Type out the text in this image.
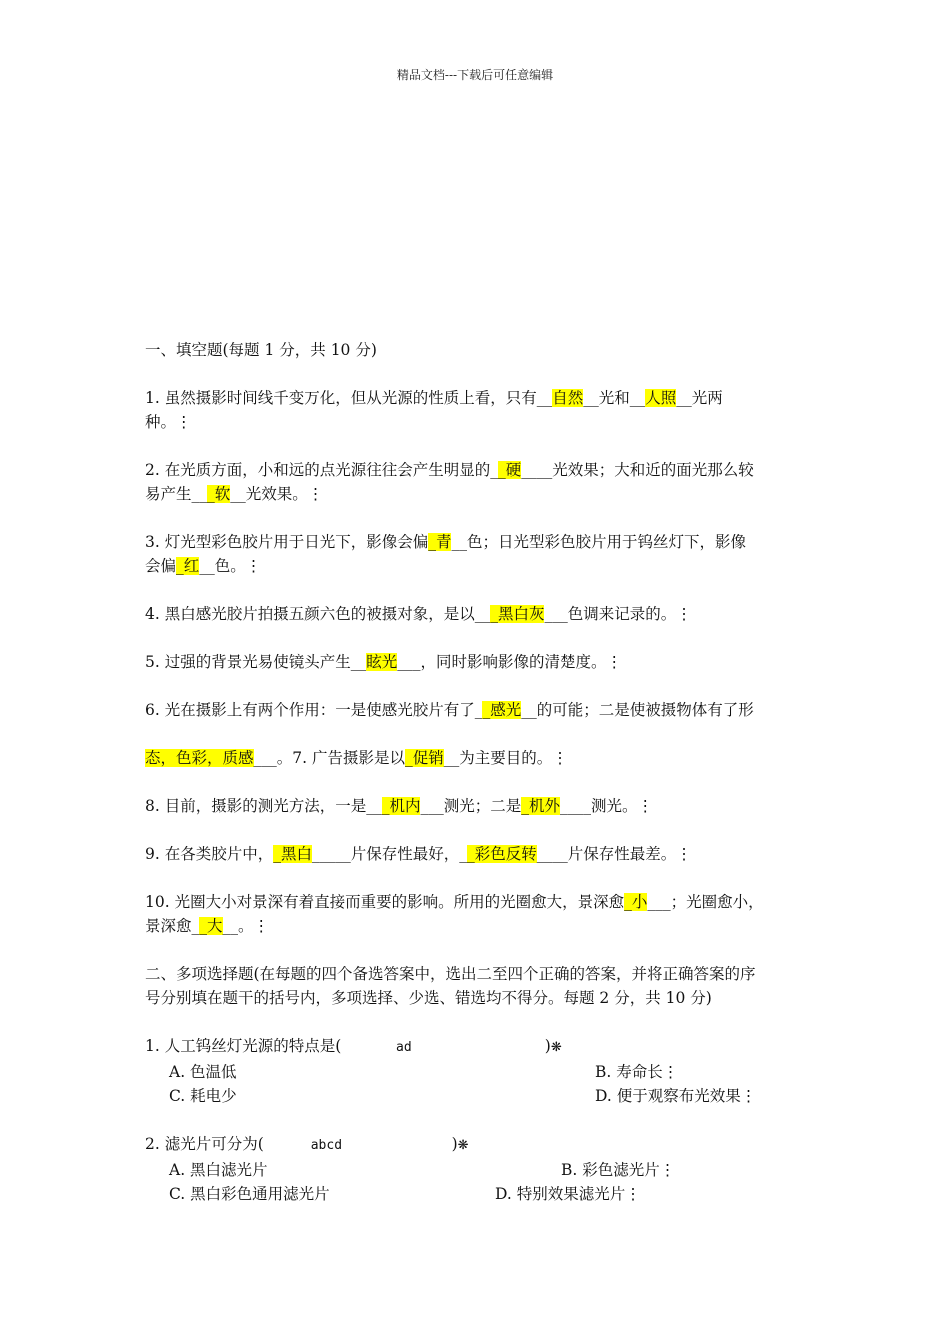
精品文档---下载后可任意编辑
一、填空题(每题 1 分，共 10 分)
1. 虽然摄影时间线千变万化，但从光源的性质上看，只有__自然__光和__人照__光两
种。⋮
2. 在光质方面，小和远的点光源往往会产生明显的__硬____光效果；大和近的面光那么较
易产生___软__光效果。⋮
3. 灯光型彩色胶片用于日光下，影像会偏_青__色；日光型彩色胶片用于钨丝灯下，影像
会偏_红__色。⋮
4. 黑白感光胶片拍摄五颜六色的被摄对象，是以___黑白灰___色调来记录的。⋮
5. 过强的背景光易使镜头产生__眩光___，同时影响影像的清楚度。⋮
6. 光在摄影上有两个作用：一是使感光胶片有了__感光__的可能；二是使被摄物体有了形
态，色彩，质感___。7. 广告摄影是以_促销__为主要目的。⋮
8. 目前，摄影的测光方法，一是___机内___测光；二是_机外____测光。⋮
9. 在各类胶片中，_黑白_____片保存性最好，__彩色反转____片保存性最差。⋮
10. 光圈大小对景深有着直接而重要的影响。所用的光圈愈大，景深愈_小___；光圈愈小，
景深愈__大__。⋮
二、多项选择题(在每题的四个备选答案中，选出二至四个正确的答案，并将正确答案的序
号分别填在题干的括号内，多项选择、少选、错选均不得分。每题 2 分，共 10 分)
1. 人工钨丝灯光源的特点是(       ad                 )❋
A. 色温低	B. 寿命长⋮
C. 耗电少	D. 便于观察布光效果⋮
2. 滤光片可分为(      abcd              )❋
A. 黑白滤光片	B. 彩色滤光片⋮
C. 黑白彩色通用滤光片	D. 特别效果滤光片⋮
